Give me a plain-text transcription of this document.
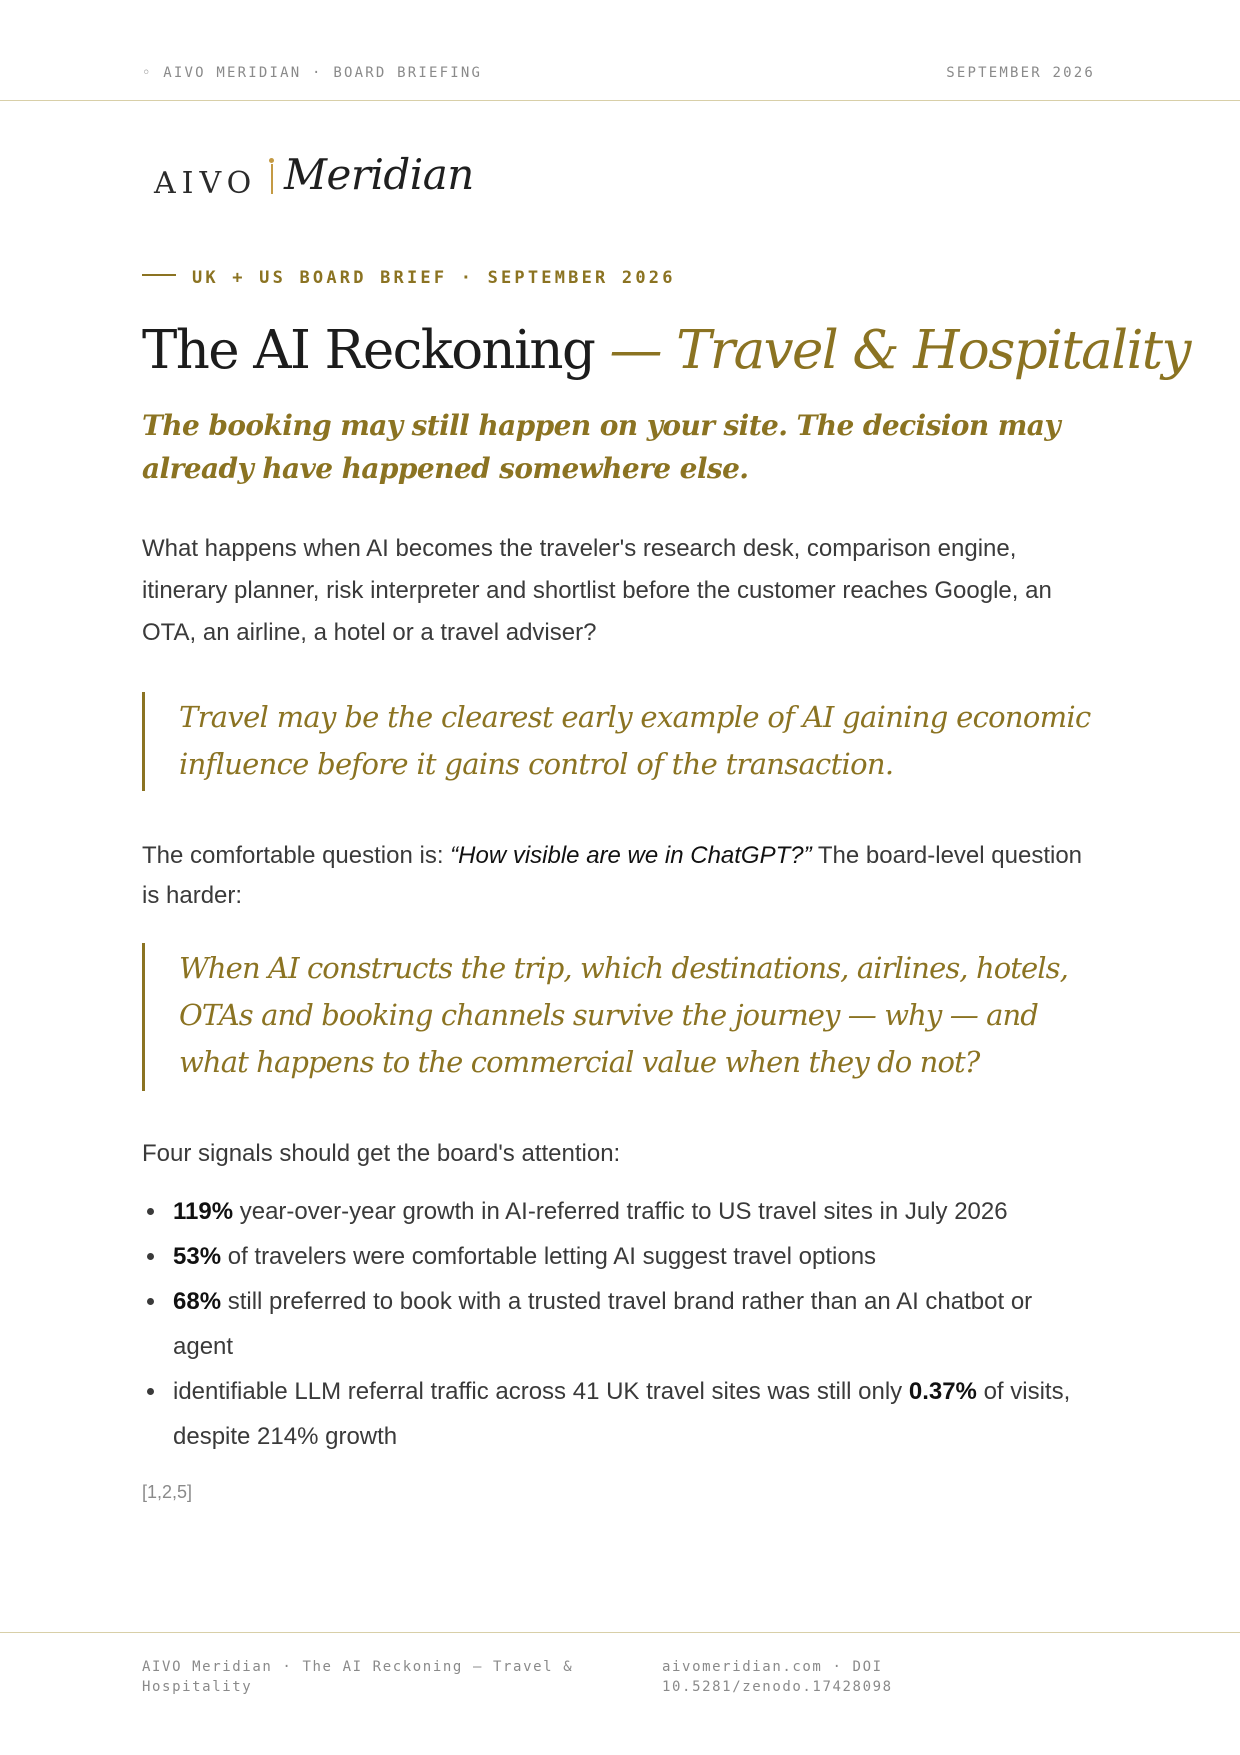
◦ AIVO MERIDIAN · BOARD BRIEFING	SEPTEMBER 2026
AIVO Meridian
UK + US BOARD BRIEF · SEPTEMBER 2026
The AI Reckoning — Travel & Hospitality

The booking may still happen on your site. The decision may already have happened somewhere else.

What happens when AI becomes the traveler's research desk, comparison engine, itinerary planner, risk interpreter and shortlist before the customer reaches Google, an OTA, an airline, a hotel or a travel adviser?

Travel may be the clearest early example of AI gaining economic influence before it gains control of the transaction.

The comfortable question is: “How visible are we in ChatGPT?” The board-level question is harder:

When AI constructs the trip, which destinations, airlines, hotels, OTAs and booking channels survive the journey — why — and what happens to the commercial value when they do not?

Four signals should get the board's attention:

119% year-over-year growth in AI-referred traffic to US travel sites in July 2026
53% of travelers were comfortable letting AI suggest travel options
68% still preferred to book with a trusted travel brand rather than an AI chatbot or agent
identifiable LLM referral traffic across 41 UK travel sites was still only 0.37% of visits, despite 214% growth
[1,2,5]
AIVO Meridian · The AI Reckoning — Travel & Hospitality
aivomeridian.com · DOI 10.5281/zenodo.17428098
